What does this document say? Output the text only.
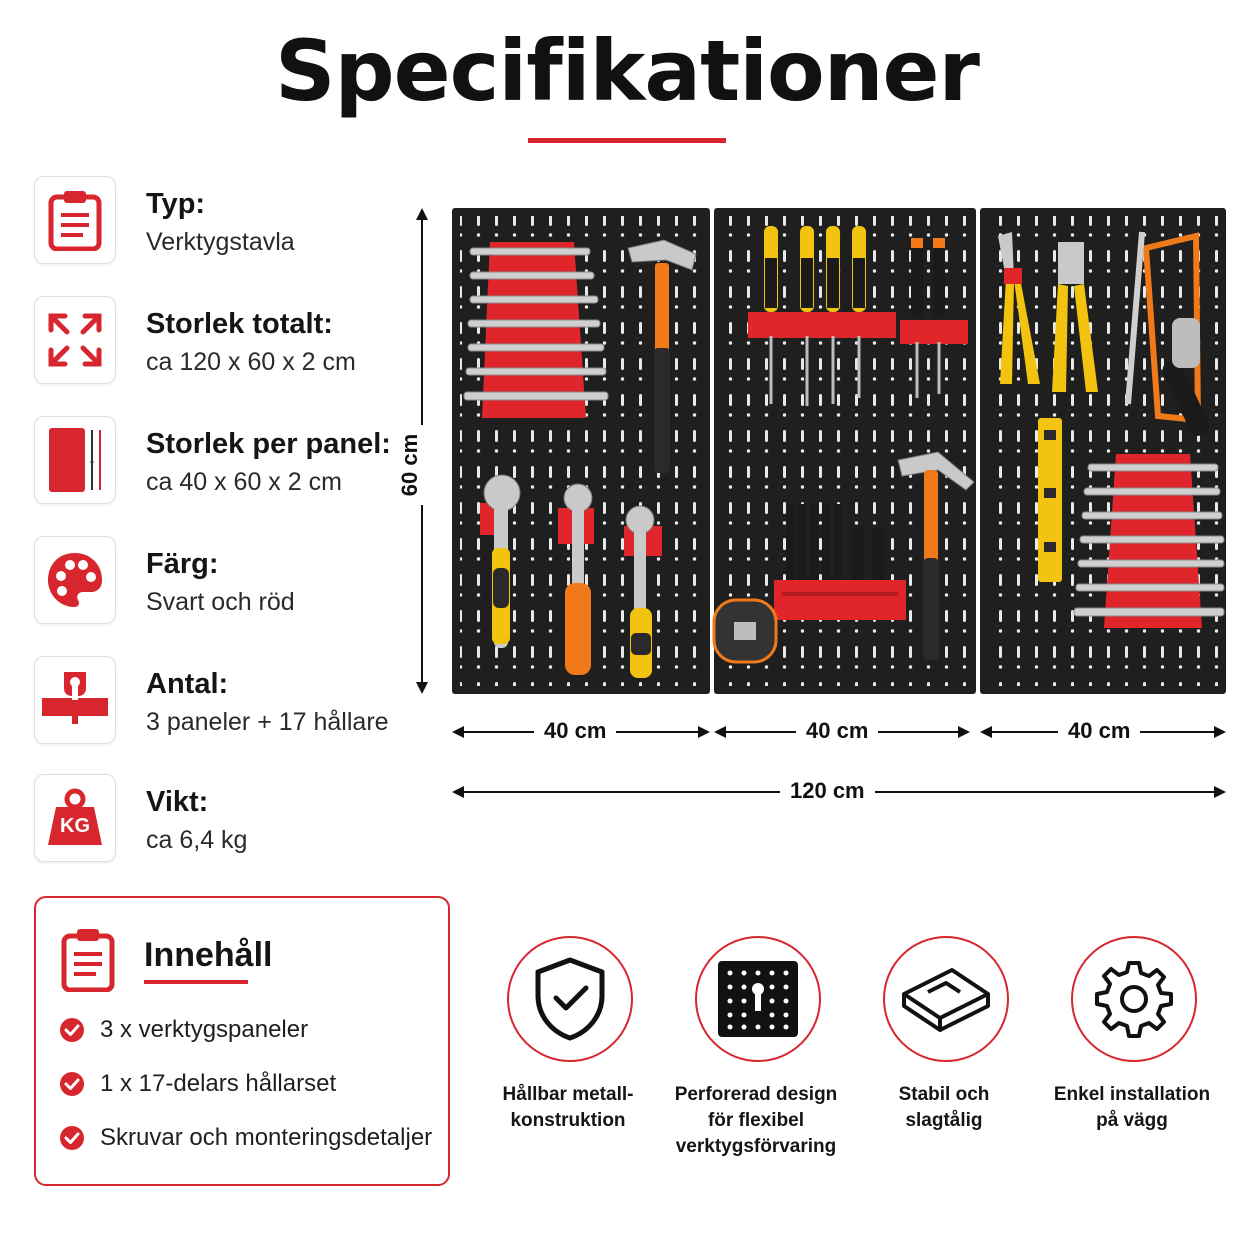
Specifikationer
Typ:
Verktygstavla
Storlek totalt:
ca 120 x 60 x 2 cm
Storlek per panel:
ca 40 x 60 x 2 cm
Färg:
Svart och röd
Antal:
3 paneler + 17 hållare
KG
Vikt:
ca 6,4 kg
60 cm
40 cm	40 cm	40 cm
120 cm
Innehåll
3 x verktygspaneler
1 x 17-delars hållarset
Skruvar och monteringsdetaljer
Hållbar metall-
konstruktion
Perforerad design
för flexibel
verktygsförvaring
Stabil och
slagtålig
Enkel installation
på vägg
